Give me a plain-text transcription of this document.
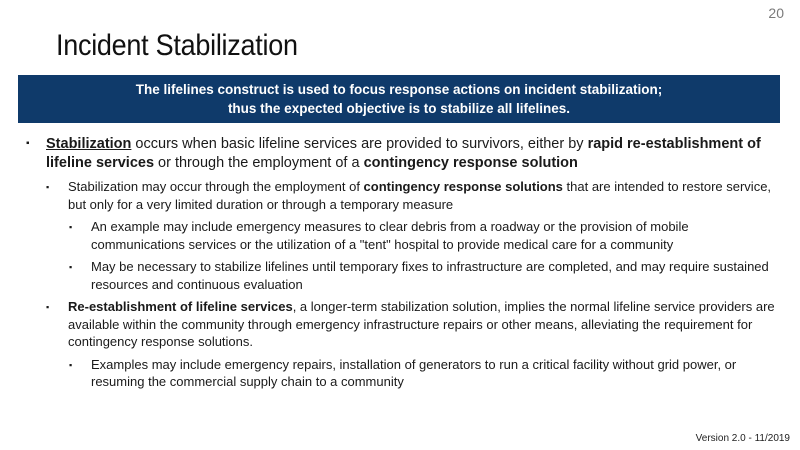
20
Incident Stabilization
The lifelines construct is used to focus response actions on incident stabilization;
thus the expected objective is to stabilize all lifelines.
▪ Stabilization occurs when basic lifeline services are provided to survivors, either by rapid re-establishment of lifeline services or through the employment of a contingency response solution
▪ Stabilization may occur through the employment of contingency response solutions that are intended to restore service, but only for a very limited duration or through a temporary measure
▪ An example may include emergency measures to clear debris from a roadway or the provision of mobile communications services or the utilization of a "tent" hospital to provide medical care for a community
▪ May be necessary to stabilize lifelines until temporary fixes to infrastructure are completed, and may require sustained resources and continuous evaluation
▪ Re-establishment of lifeline services, a longer-term stabilization solution, implies the normal lifeline service providers are available within the community through emergency infrastructure repairs or other means, alleviating the requirement for contingency response solutions.
▪ Examples may include emergency repairs, installation of generators to run a critical facility without grid power, or resuming the commercial supply chain to a community
Version 2.0 - 11/2019
